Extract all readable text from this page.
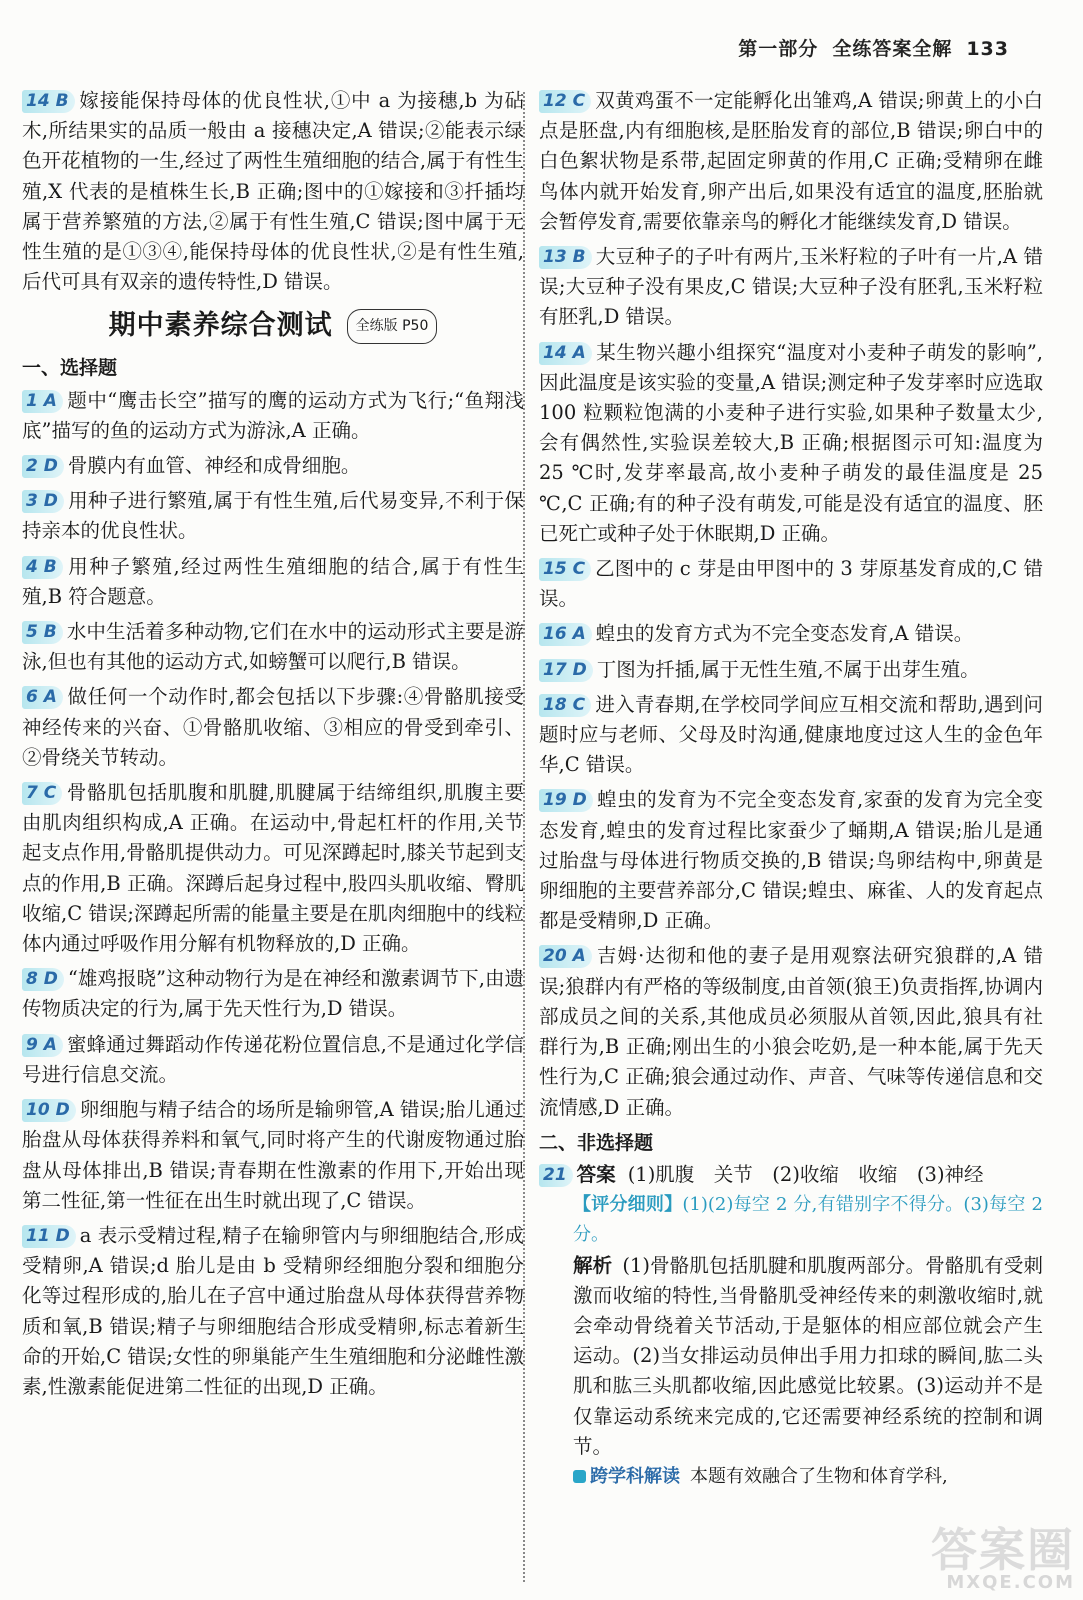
第一部分 全练答案全解 133
14 B 嫁接能保持母体的优良性状,①中 a 为接穗,b 为砧木,所结果实的品质一般由 a 接穗决定,A 错误;②能表示绿色开花植物的一生,经过了两性生殖细胞的结合,属于有性生殖,X 代表的是植株生长,B 正确;图中的①嫁接和③扦插均属于营养繁殖的方法,②属于有性生殖,C 错误;图中属于无性生殖的是①③④,能保持母体的优良性状,②是有性生殖,后代可具有双亲的遗传特性,D 错误。
期中素养综合测试 全练版 P50
一、选择题
1 A 题中“鹰击长空”描写的鹰的运动方式为飞行;“鱼翔浅底”描写的鱼的运动方式为游泳,A 正确。
2 D 骨膜内有血管、神经和成骨细胞。
3 D 用种子进行繁殖,属于有性生殖,后代易变异,不利于保持亲本的优良性状。
4 B 用种子繁殖,经过两性生殖细胞的结合,属于有性生殖,B 符合题意。
5 B 水中生活着多种动物,它们在水中的运动形式主要是游泳,但也有其他的运动方式,如螃蟹可以爬行,B 错误。
6 A 做任何一个动作时,都会包括以下步骤:④骨骼肌接受神经传来的兴奋、①骨骼肌收缩、③相应的骨受到牵引、②骨绕关节转动。
7 C 骨骼肌包括肌腹和肌腱,肌腱属于结缔组织,肌腹主要由肌肉组织构成,A 正确。在运动中,骨起杠杆的作用,关节起支点作用,骨骼肌提供动力。可见深蹲起时,膝关节起到支点的作用,B 正确。深蹲后起身过程中,股四头肌收缩、臀肌收缩,C 错误;深蹲起所需的能量主要是在肌肉细胞中的线粒体内通过呼吸作用分解有机物释放的,D 正确。
8 D “雄鸡报晓”这种动物行为是在神经和激素调节下,由遗传物质决定的行为,属于先天性行为,D 错误。
9 A 蜜蜂通过舞蹈动作传递花粉位置信息,不是通过化学信号进行信息交流。
10 D 卵细胞与精子结合的场所是输卵管,A 错误;胎儿通过胎盘从母体获得养料和氧气,同时将产生的代谢废物通过胎盘从母体排出,B 错误;青春期在性激素的作用下,开始出现第二性征,第一性征在出生时就出现了,C 错误。
11 D a 表示受精过程,精子在输卵管内与卵细胞结合,形成受精卵,A 错误;d 胎儿是由 b 受精卵经细胞分裂和细胞分化等过程形成的,胎儿在子宫中通过胎盘从母体获得营养物质和氧,B 错误;精子与卵细胞结合形成受精卵,标志着新生命的开始,C 错误;女性的卵巢能产生生殖细胞和分泌雌性激素,性激素能促进第二性征的出现,D 正确。
12 C 双黄鸡蛋不一定能孵化出雏鸡,A 错误;卵黄上的小白点是胚盘,内有细胞核,是胚胎发育的部位,B 错误;卵白中的白色絮状物是系带,起固定卵黄的作用,C 正确;受精卵在雌鸟体内就开始发育,卵产出后,如果没有适宜的温度,胚胎就会暂停发育,需要依靠亲鸟的孵化才能继续发育,D 错误。
13 B 大豆种子的子叶有两片,玉米籽粒的子叶有一片,A 错误;大豆种子没有果皮,C 错误;大豆种子没有胚乳,玉米籽粒有胚乳,D 错误。
14 A 某生物兴趣小组探究“温度对小麦种子萌发的影响”,因此温度是该实验的变量,A 错误;测定种子发芽率时应选取 100 粒颗粒饱满的小麦种子进行实验,如果种子数量太少,会有偶然性,实验误差较大,B 正确;根据图示可知:温度为 25 ℃时,发芽率最高,故小麦种子萌发的最佳温度是 25 ℃,C 正确;有的种子没有萌发,可能是没有适宜的温度、胚已死亡或种子处于休眠期,D 正确。
15 C 乙图中的 c 芽是由甲图中的 3 芽原基发育成的,C 错误。
16 A 蝗虫的发育方式为不完全变态发育,A 错误。
17 D 丁图为扦插,属于无性生殖,不属于出芽生殖。
18 C 进入青春期,在学校同学间应互相交流和帮助,遇到问题时应与老师、父母及时沟通,健康地度过这人生的金色年华,C 错误。
19 D 蝗虫的发育为不完全变态发育,家蚕的发育为完全变态发育,蝗虫的发育过程比家蚕少了蛹期,A 错误;胎儿是通过胎盘与母体进行物质交换的,B 错误;鸟卵结构中,卵黄是卵细胞的主要营养部分,C 错误;蝗虫、麻雀、人的发育起点都是受精卵,D 正确。
20 A 吉姆·达彻和他的妻子是用观察法研究狼群的,A 错误;狼群内有严格的等级制度,由首领(狼王)负责指挥,协调内部成员之间的关系,其他成员必须服从首领,因此,狼具有社群行为,B 正确;刚出生的小狼会吃奶,是一种本能,属于先天性行为,C 正确;狼会通过动作、声音、气味等传递信息和交流情感,D 正确。
二、非选择题
21 答案 (1)肌腹　关节　(2)收缩　收缩　(3)神经
【评分细则】(1)(2)每空 2 分,有错别字不得分。(3)每空 2 分。
解析 (1)骨骼肌包括肌腱和肌腹两部分。骨骼肌有受刺激而收缩的特性,当骨骼肌受神经传来的刺激收缩时,就会牵动骨绕着关节活动,于是躯体的相应部位就会产生运动。(2)当女排运动员伸出手用力扣球的瞬间,肱二头肌和肱三头肌都收缩,因此感觉比较累。(3)运动并不是仅靠运动系统来完成的,它还需要神经系统的控制和调节。
跨学科解读 本题有效融合了生物和体育学科,
答案圈
MXQE.COM
